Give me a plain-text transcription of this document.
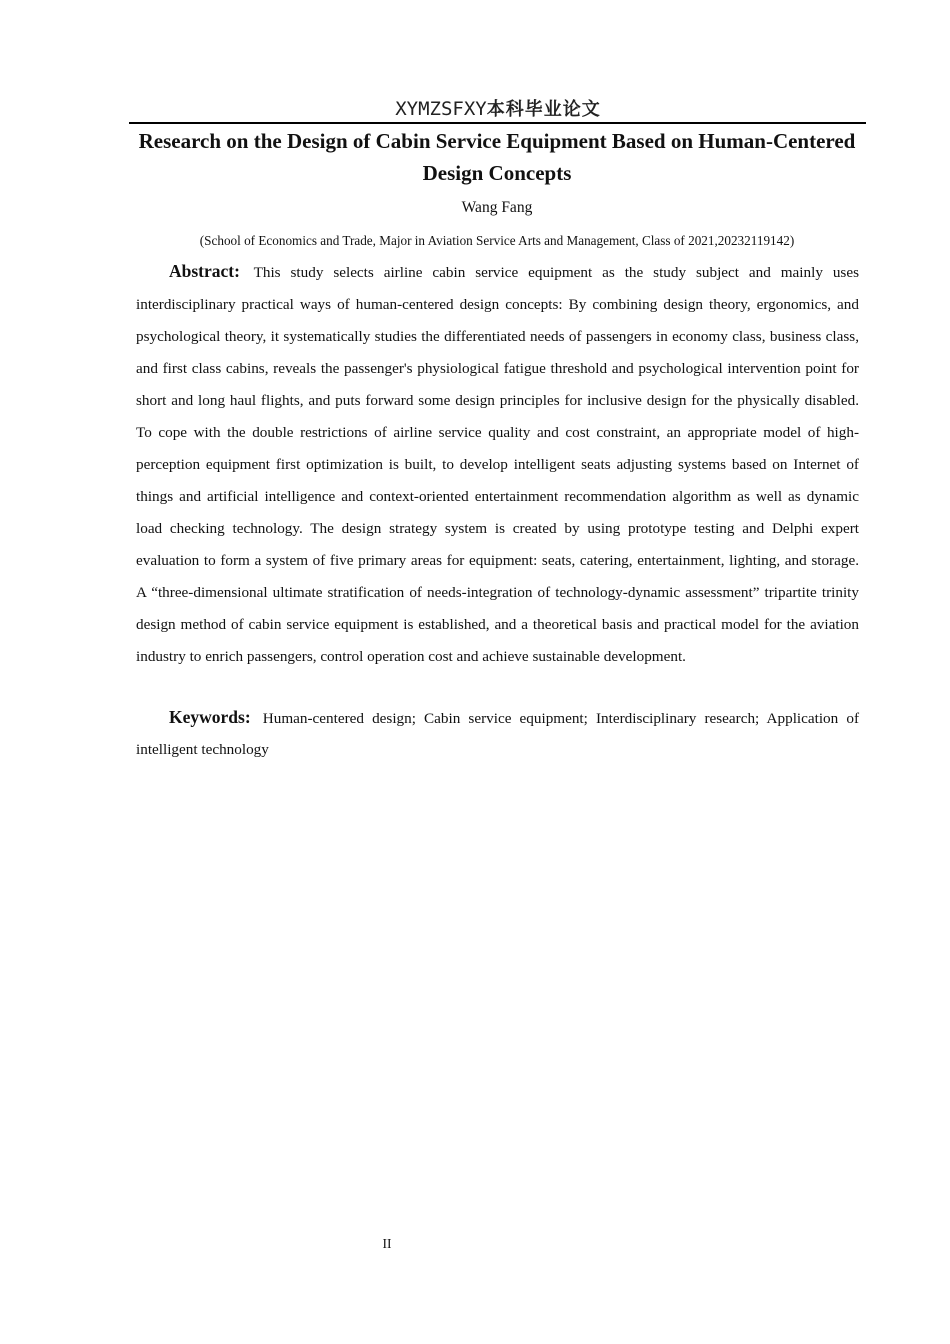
XYMZSFXY本科毕业论文
Research on the Design of Cabin Service Equipment Based on Human-Centered Design Concepts
Wang Fang
(School of Economics and Trade, Major in Aviation Service Arts and Management, Class of 2021,20232119142)

Abstract: This study selects airline cabin service equipment as the study subject and mainly uses interdisciplinary practical ways of human-centered design concepts: By combining design theory, ergonomics, and psychological theory, it systematically studies the differentiated needs of passengers in economy class, business class, and first class cabins, reveals the passenger's physiological fatigue threshold and psychological intervention point for short and long haul flights, and puts forward some design principles for inclusive design for the physically disabled. To cope with the double restrictions of airline service quality and cost constraint, an appropriate model of high-perception equipment first optimization is built, to develop intelligent seats adjusting systems based on Internet of things and artificial intelligence and context-oriented entertainment recommendation algorithm as well as dynamic load checking technology. The design strategy system is created by using prototype testing and Delphi expert evaluation to form a system of five primary areas for equipment: seats, catering, entertainment, lighting, and storage. A “three-dimensional ultimate stratification of needs-integration of technology-dynamic assessment” tripartite trinity design method of cabin service equipment is established, and a theoretical basis and practical model for the aviation industry to enrich passengers, control operation cost and achieve sustainable development.

Keywords: Human-centered design; Cabin service equipment; Interdisciplinary research; Application of intelligent technology

II
